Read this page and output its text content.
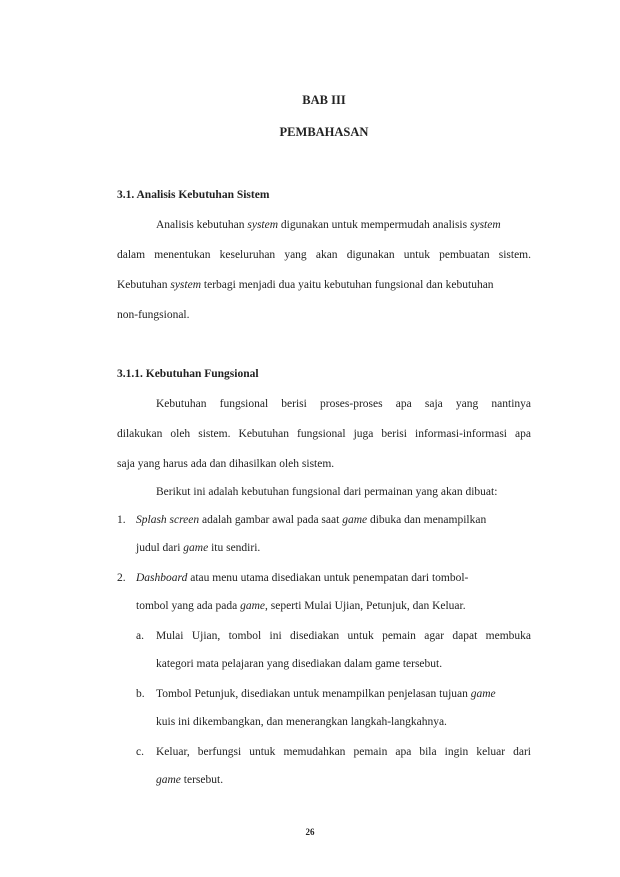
BAB III
PEMBAHASAN
3.1. Analisis Kebutuhan Sistem
Analisis kebutuhan system digunakan untuk mempermudah analisis system
dalam menentukan keseluruhan yang akan digunakan untuk pembuatan sistem.
Kebutuhan system terbagi menjadi dua yaitu kebutuhan fungsional dan kebutuhan
non-fungsional.
3.1.1. Kebutuhan Fungsional
Kebutuhan fungsional berisi proses-proses apa saja yang nantinya
dilakukan oleh sistem. Kebutuhan fungsional juga berisi informasi-informasi apa
saja yang harus ada dan dihasilkan oleh sistem.
Berikut ini adalah kebutuhan fungsional dari permainan yang akan dibuat:
1. Splash screen adalah gambar awal pada saat game dibuka dan menampilkan
judul dari game itu sendiri.
2. Dashboard atau menu utama disediakan untuk penempatan dari tombol-
tombol yang ada pada game, seperti Mulai Ujian, Petunjuk, dan Keluar.
a.	Mulai Ujian, tombol ini disediakan untuk pemain agar dapat membuka
kategori mata pelajaran yang disediakan dalam game tersebut.
b. Tombol Petunjuk, disediakan untuk menampilkan penjelasan tujuan game
kuis ini dikembangkan, dan menerangkan langkah-langkahnya.
c.	Keluar, berfungsi untuk memudahkan pemain apa bila ingin keluar dari
game tersebut.
26
